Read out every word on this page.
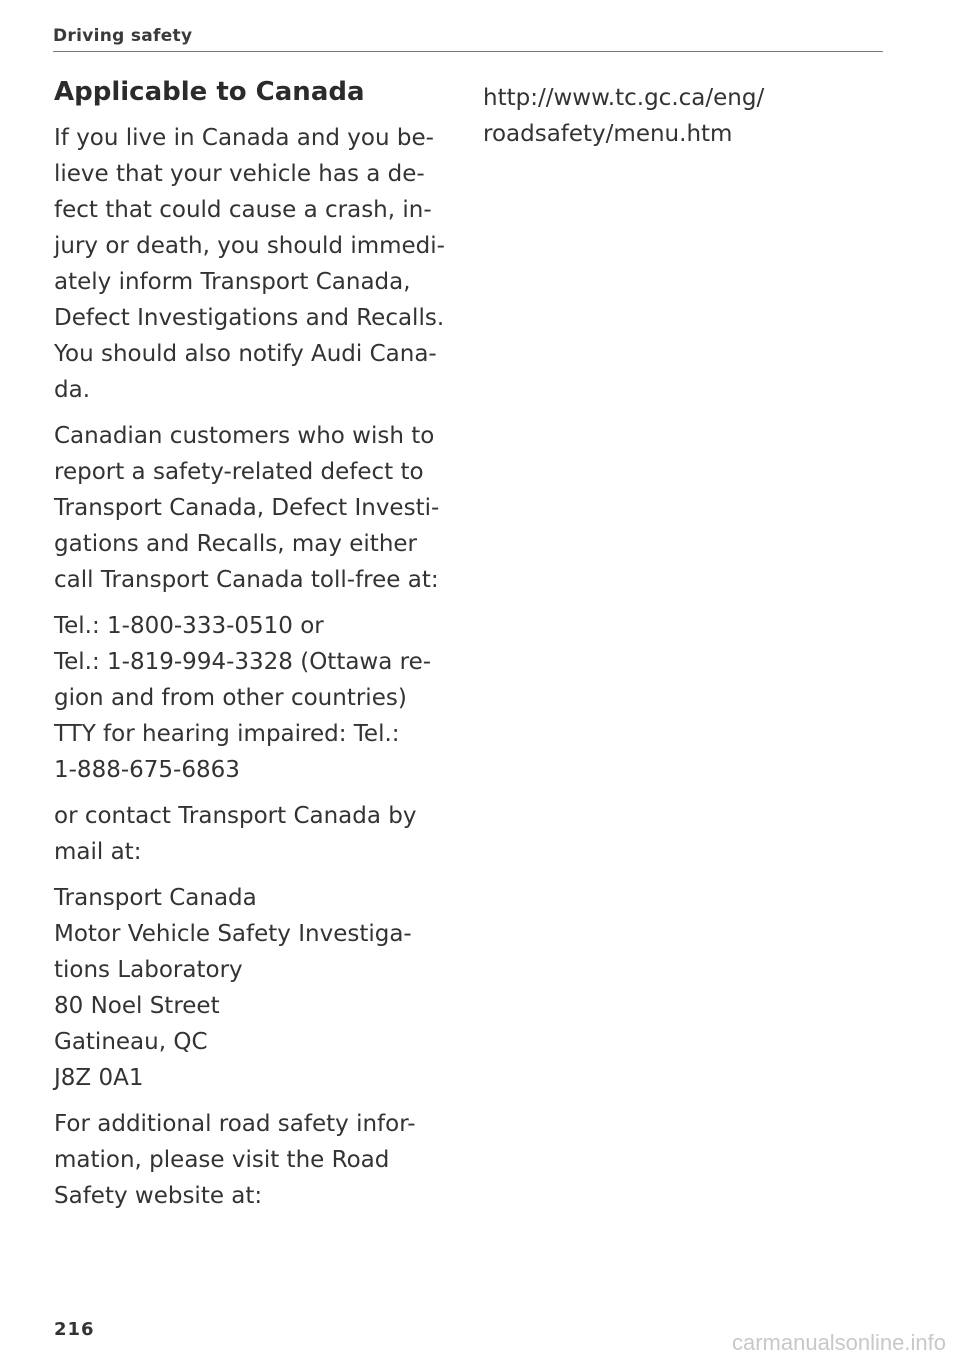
Driving safety
Applicable to Canada
If you live in Canada and you be-
lieve that your vehicle has a de-
fect that could cause a crash, in-
jury or death, you should immedi-
ately inform Transport Canada,
Defect Investigations and Recalls.
You should also notify Audi Cana-
da.
Canadian customers who wish to
report a safety-related defect to
Transport Canada, Defect Investi-
gations and Recalls, may either
call Transport Canada toll-free at:
Tel.: 1-800-333-0510 or
Tel.: 1-819-994-3328 (Ottawa re-
gion and from other countries)
TTY for hearing impaired: Tel.:
1-888-675-6863
or contact Transport Canada by
mail at:
Transport Canada
Motor Vehicle Safety Investiga-
tions Laboratory
80 Noel Street
Gatineau, QC
J8Z 0A1
For additional road safety infor-
mation, please visit the Road
Safety website at:
http://www.tc.gc.ca/eng/
roadsafety/menu.htm
216
carmanualsonline.info
